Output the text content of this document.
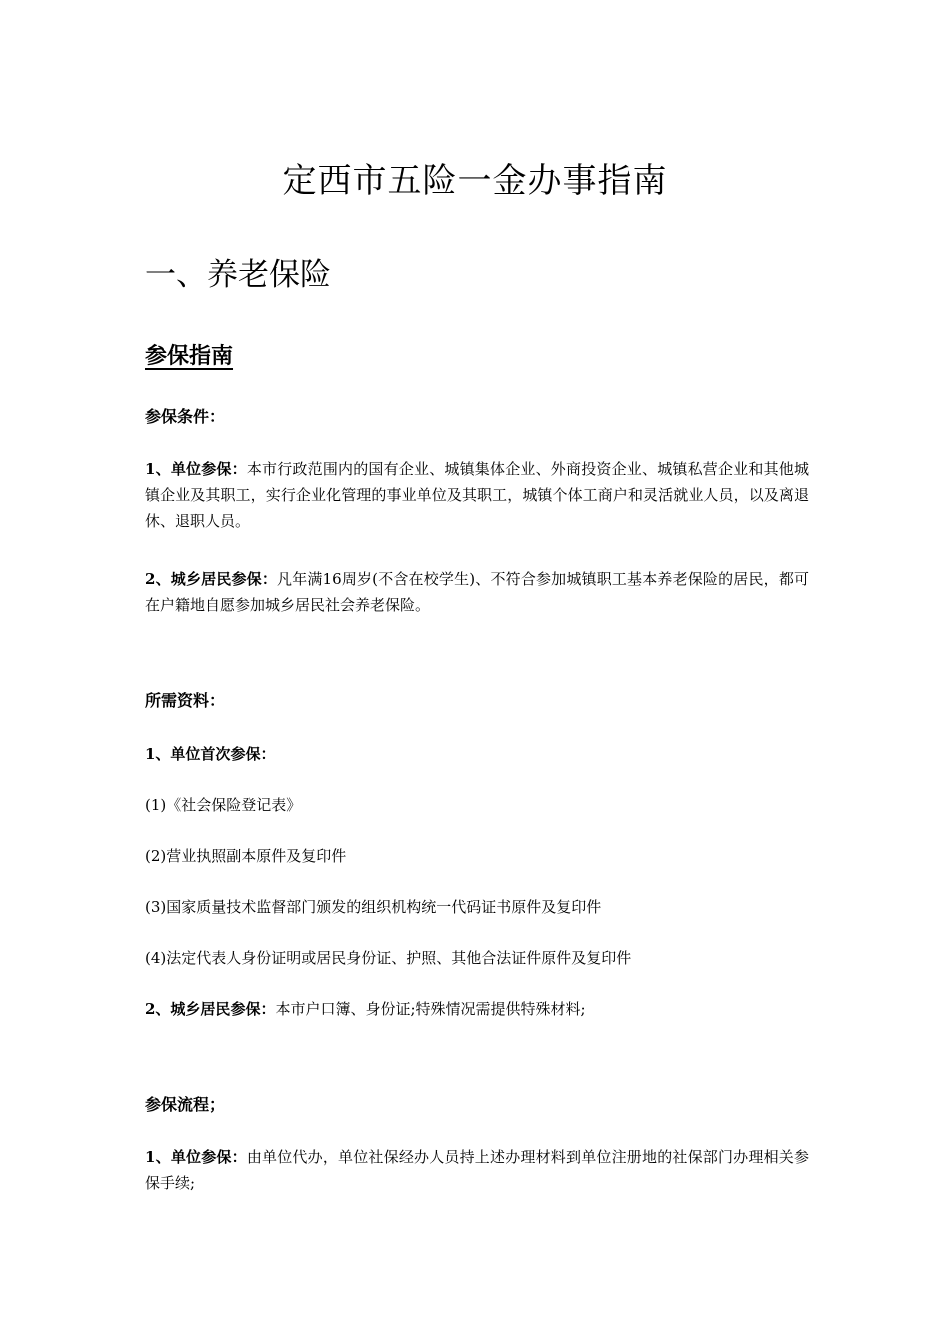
定西市五险一金办事指南
一、养老保险
参保指南

参保条件：

1、单位参保：本市行政范围内的国有企业、城镇集体企业、外商投资企业、城镇私营企业和其他城镇企业及其职工，实行企业化管理的事业单位及其职工，城镇个体工商户和灵活就业人员，以及离退休、退职人员。

2、城乡居民参保：凡年满16周岁(不含在校学生)、不符合参加城镇职工基本养老保险的居民，都可在户籍地自愿参加城乡居民社会养老保险。

所需资料：

1、单位首次参保：

(1)《社会保险登记表》

(2)营业执照副本原件及复印件

(3)国家质量技术监督部门颁发的组织机构统一代码证书原件及复印件

(4)法定代表人身份证明或居民身份证、护照、其他合法证件原件及复印件

2、城乡居民参保：本市户口簿、身份证;特殊情况需提供特殊材料;

参保流程；

1、单位参保：由单位代办，单位社保经办人员持上述办理材料到单位注册地的社保部门办理相关参保手续;
